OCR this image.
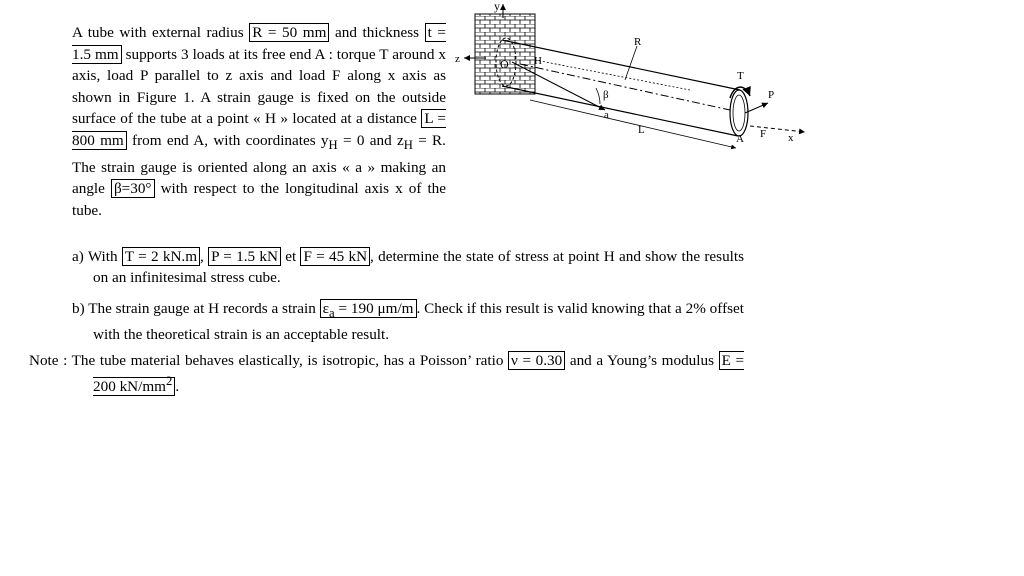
A tube with external radius R = 50 mm and thickness t = 1.5 mm supports 3 loads at its free end A : torque T around x axis, load P parallel to z axis and load F along x axis as shown in Figure 1. A strain gauge is fixed on the outside surface of the tube at a point « H » located at a distance L = 800 mm from end A, with coordinates $y_H = 0$ and $z_H = R$. The strain gauge is oriented along an axis « a » making an angle β=30° with respect to the longitudinal axis x of the tube.
a) With T = 2 kN.m , P = 1.5 kN et F = 45 kN , determine the state of stress at point H and show the results on an infinitesimal stress cube.
b) The strain gauge at H records a strain $\varepsilon_a = 190$ μm/m . Check if this result is valid knowing that a 2% offset with the theoretical strain is an acceptable result.
Note : The tube material behaves elastically, is isotropic, has a Poisson’ ratio ν = 0.30 and a Young’s modulus E = 200 $kN/mm^2$ .
y
z
a
β
O H
R
L
T
P
F x
A
